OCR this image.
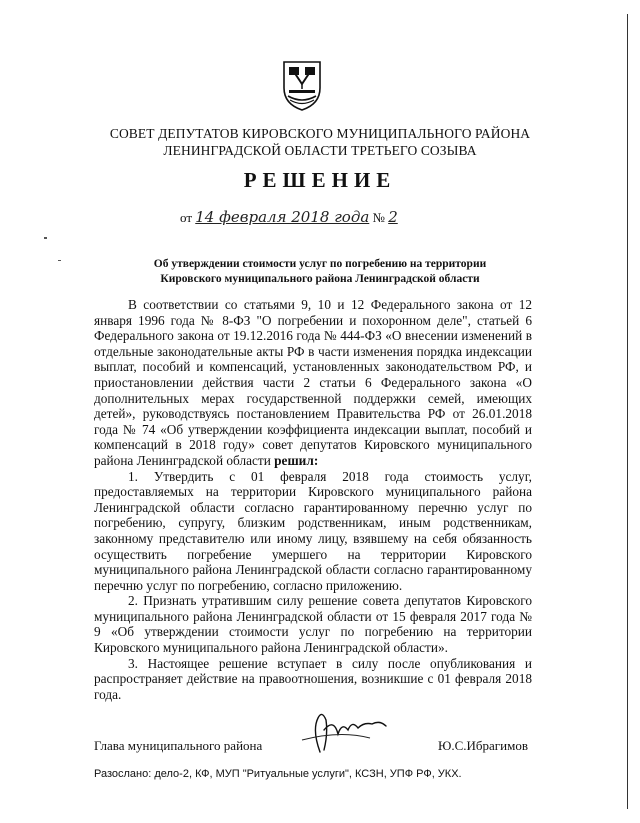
СОВЕТ ДЕПУТАТОВ КИРОВСКОГО МУНИЦИПАЛЬНОГО РАЙОНА
ЛЕНИНГРАДСКОЙ ОБЛАСТИ ТРЕТЬЕГО СОЗЫВА
РЕШЕНИЕ
от 14 февраля 2018 года № 2
Об утверждении стоимости услуг по погребению на территории
Кировского муниципального района Ленинградской области

В соответствии со статьями 9, 10 и 12 Федерального закона от 12 января 1996 года № 8-ФЗ "О погребении и похоронном деле", статьей 6 Федерального закона от 19.12.2016 года № 444-ФЗ «О внесении изменений в отдельные законодательные акты РФ в части изменения порядка индексации выплат, пособий и компенсаций, установленных законодательством РФ, и приостановлении действия части 2 статьи 6 Федерального закона «О дополнительных мерах государственной поддержки семей, имеющих детей», руководствуясь постановлением Правительства РФ от 26.01.2018 года № 74 «Об утверждении коэффициента индексации выплат, пособий и компенсаций в 2018 году» совет депутатов Кировского муниципального района Ленинградской области решил:

1. Утвердить с 01 февраля 2018 года стоимость услуг, предоставляемых на территории Кировского муниципального района Ленинградской области согласно гарантированному перечню услуг по погребению, супругу, близким родственникам, иным родственникам, законному представителю или иному лицу, взявшему на себя обязанность осуществить погребение умершего на территории Кировского муниципального района Ленинградской области согласно гарантированному перечню услуг по погребению, согласно приложению.

2. Признать утратившим силу решение совета депутатов Кировского муниципального района Ленинградской области от 15 февраля 2017 года № 9 «Об утверждении стоимости услуг по погребению на территории Кировского муниципального района Ленинградской области».

3. Настоящее решение вступает в силу после опубликования и распространяет действие на правоотношения, возникшие с 01 февраля 2018 года.

Глава муниципального района	Ю.С.Ибрагимов
Разослано: дело-2, КФ, МУП "Ритуальные услуги", КСЗН, УПФ РФ, УКХ.
